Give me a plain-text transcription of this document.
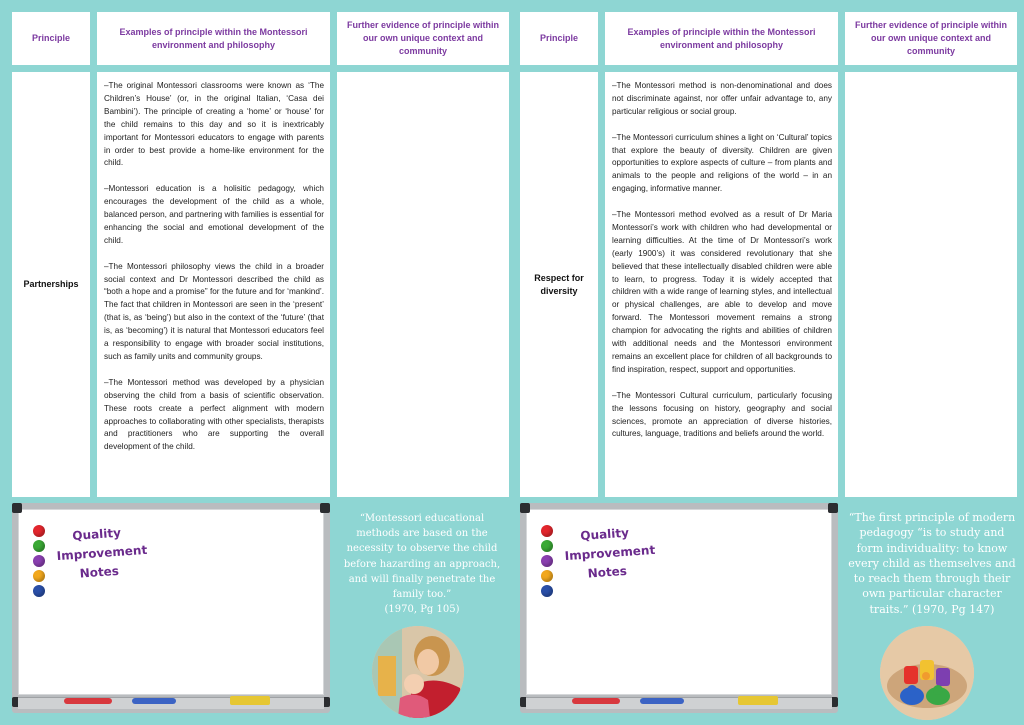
Principle
Examples of principle within the Montessori environment and philosophy
Further evidence of principle within our own unique context and community
Partnerships

–The original Montessori classrooms were known as ‘The Children’s House’ (or, in the original Italian, ‘Casa dei Bambini’). The principle of creating a ‘home’ or ‘house’ for the child remains to this day and so it is inextricably important for Montessori educators to engage with parents in order to best provide a home-like environment for the child.

–Montessori education is a holisitic pedagogy, which encourages the development of the child as a whole, balanced person, and partnering with families is essential for enhancing the social and emotional development of the child.

–The Montessori philosophy views the child in a broader social context and Dr Montessori described the child as “both a hope and a promise” for the future and for ‘mankind’. The fact that children in Montessori are seen in the ‘present’ (that is, as ‘being’) but also in the context of the ‘future’ (that is, as ‘becoming’) it is natural that Montessori educators feel a responsibility to engage with broader social institutions, such as family units and community groups.

–The Montessori method was developed by a physician observing the child from a basis of scientific observation. These roots create a perfect alignment with modern approaches to collaborating with other specialists, therapists and practitioners who are supporting the overall development of the child.

Principle
Examples of principle within the Montessori environment and philosophy
Further evidence of principle within our own unique context and community
Respect for diversity

–The Montessori method is non-denominational and does not discriminate against, nor offer unfair advantage to, any particular religious or social group.

–The Montessori curriculum shines a light on ‘Cultural’ topics that explore the beauty of diversity. Children are given opportunities to explore aspects of culture – from plants and animals to the people and religions of the world – in an engaging, informative manner.

–The Montessori method evolved as a result of Dr Maria Montessori’s work with children who had developmental or learning difficulties. At the time of Dr Montessori’s work (early 1900’s) it was considered revolutionary that she believed that these intellectually disabled children were able to learn, to progress. Today it is widely accepted that children with a wide range of learning styles, and intellectual or physical challenges, are able to develop and move forward. The Montessori movement remains a strong champion for advocating the rights and abilities of children with additional needs and the Montessori environment remains an excellent place for children of all backgrounds to find inspiration, respect, support and opportunities.

–The Montessori Cultural curriculum, particularly focusing the lessons focusing on history, geography and social sciences, promote an appreciation of diverse histories, cultures, language, traditions and beliefs around the world.

Quality
Improvement
Notes
Quality
Improvement
Notes
“Montessori educational methods are based on the necessity to observe the child before hazarding an approach, and will finally penetrate the family too.”
(1970, Pg 105)
“The first principle of modern pedagogy “is to study and form individuality: to know every child as themselves and to reach them through their own particular character traits.” (1970, Pg 147)
